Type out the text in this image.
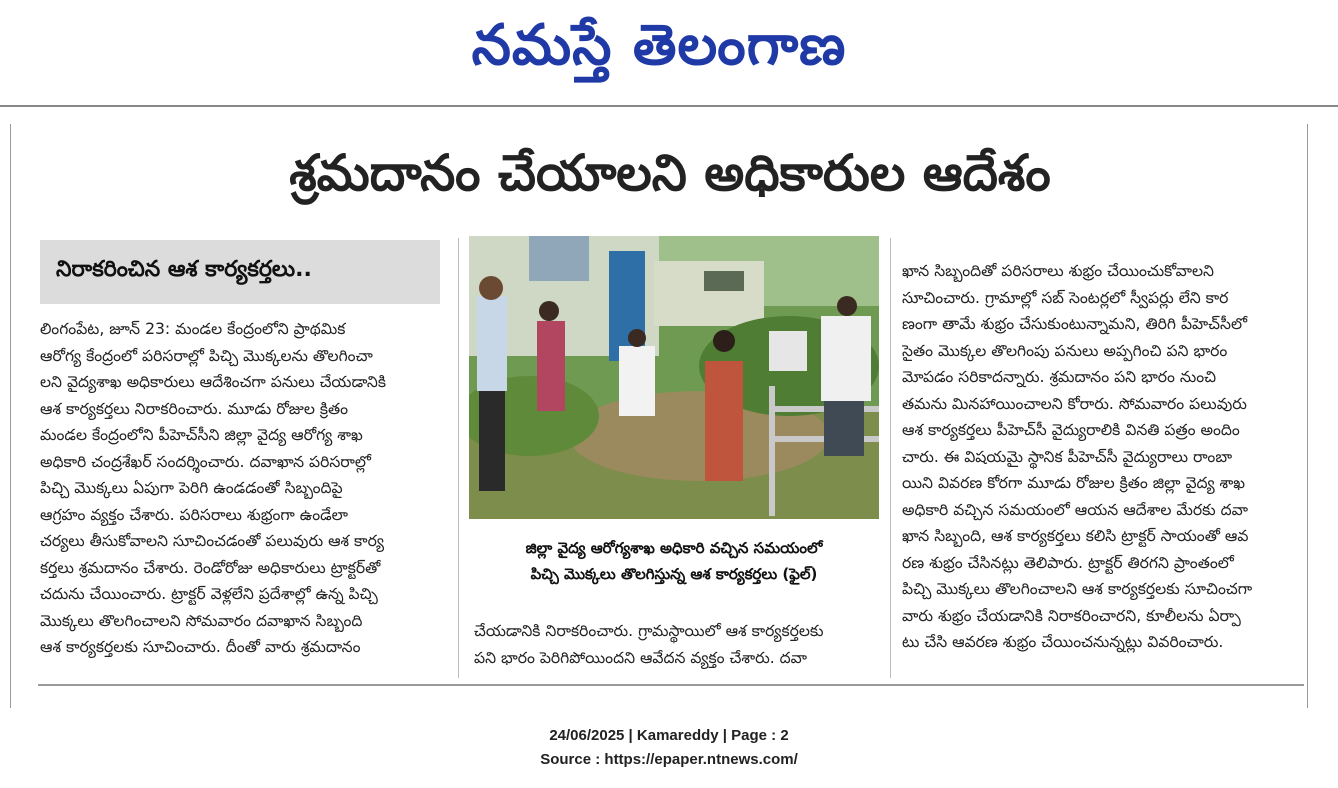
నమస్తే తెలంగాణ
శ్రమదానం చేయాలని అధికారుల ఆదేశం
నిరాకరించిన ఆశ కార్యకర్తలు..
లింగంపేట, జూన్ 23: మండల కేంద్రంలోని ప్రాథమిక
ఆరోగ్య కేంద్రంలో పరిసరాల్లో పిచ్చి మొక్కలను తొలగించా
లని వైద్యశాఖ అధికారులు ఆదేశించగా పనులు చేయడానికి
ఆశ కార్యకర్తలు నిరాకరించారు. మూడు రోజుల క్రితం
మండల కేంద్రంలోని పీహెచ్‌సీని జిల్లా వైద్య ఆరోగ్య శాఖ
అధికారి చంద్రశేఖర్ సందర్శించారు. దవాఖాన పరిసరాల్లో
పిచ్చి మొక్కలు ఏపుగా పెరిగి ఉండడంతో సిబ్బందిపై
ఆగ్రహం వ్యక్తం చేశారు. పరిసరాలు శుభ్రంగా ఉండేలా
చర్యలు తీసుకోవాలని సూచించడంతో పలువురు ఆశ కార్య
కర్తలు శ్రమదానం చేశారు. రెండోరోజు అధికారులు ట్రాక్టర్‌తో
చదును చేయించారు. ట్రాక్టర్ వెళ్లలేని ప్రదేశాల్లో ఉన్న పిచ్చి
మొక్కలు తొలగించాలని సోమవారం దవాఖాన సిబ్బంది
ఆశ కార్యకర్తలకు సూచించారు. దీంతో వారు శ్రమదానం
జిల్లా వైద్య ఆరోగ్యశాఖ అధికారి వచ్చిన సమయంలో
పిచ్చి మొక్కలు తొలగిస్తున్న ఆశ కార్యకర్తలు (ఫైల్)
చేయడానికి నిరాకరించారు. గ్రామస్థాయిలో ఆశ కార్యకర్తలకు
పని భారం పెరిగిపోయిందని ఆవేదన వ్యక్తం చేశారు. దవా
ఖాన సిబ్బందితో పరిసరాలు శుభ్రం చేయించుకోవాలని
సూచించారు. గ్రామాల్లో సబ్ సెంటర్లలో స్వీపర్లు లేని కార
ణంగా తామే శుభ్రం చేసుకుంటున్నామని, తిరిగి పీహెచ్‌సీలో
సైతం మొక్కల తొలగింపు పనులు అప్పగించి పని భారం
మోపడం సరికాదన్నారు. శ్రమదానం పని భారం నుంచి
తమను మినహాయించాలని కోరారు. సోమవారం పలువురు
ఆశ కార్యకర్తలు పీహెచ్‌సీ వైద్యురాలికి వినతి పత్రం అందిం
చారు. ఈ విషయమై స్థానిక పీహెచ్‌సీ వైద్యురాలు రాంబా
యిని వివరణ కోరగా మూడు రోజుల క్రితం జిల్లా వైద్య శాఖ
అధికారి వచ్చిన సమయంలో ఆయన ఆదేశాల మేరకు దవా
ఖాన సిబ్బంది, ఆశ కార్యకర్తలు కలిసి ట్రాక్టర్ సాయంతో ఆవ
రణ శుభ్రం చేసినట్లు తెలిపారు. ట్రాక్టర్ తిరగని ప్రాంతంలో
పిచ్చి మొక్కలు తొలగించాలని ఆశ కార్యకర్తలకు సూచించగా
వారు శుభ్రం చేయడానికి నిరాకరించారని, కూలీలను ఏర్పా
టు చేసి ఆవరణ శుభ్రం చేయించనున్నట్లు వివరించారు.
24/06/2025 | Kamareddy | Page : 2
Source : https://epaper.ntnews.com/
